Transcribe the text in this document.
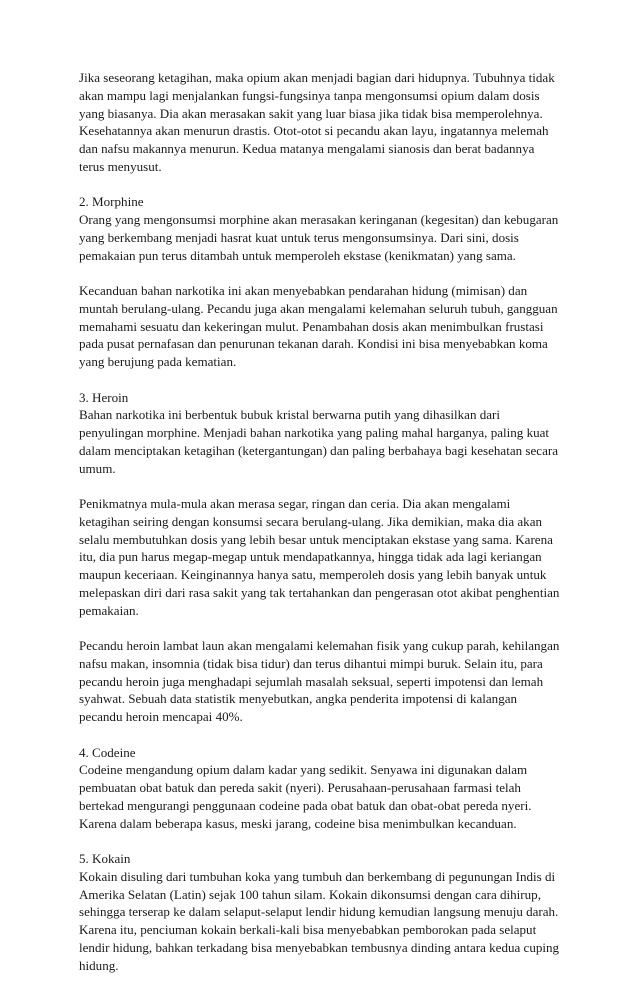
Jika seseorang ketagihan, maka opium akan menjadi bagian dari hidupnya. Tubuhnya tidak akan mampu lagi menjalankan fungsi-fungsinya tanpa mengonsumsi opium dalam dosis yang biasanya. Dia akan merasakan sakit yang luar biasa jika tidak bisa memperolehnya. Kesehatannya akan menurun drastis. Otot-otot si pecandu akan layu, ingatannya melemah dan nafsu makannya menurun. Kedua matanya mengalami sianosis dan berat badannya terus menyusut.

2. Morphine

Orang yang mengonsumsi morphine akan merasakan keringanan (kegesitan) dan kebugaran yang berkembang menjadi hasrat kuat untuk terus mengonsumsinya. Dari sini, dosis pemakaian pun terus ditambah untuk memperoleh ekstase (kenikmatan) yang sama.

Kecanduan bahan narkotika ini akan menyebabkan pendarahan hidung (mimisan) dan muntah berulang-ulang. Pecandu juga akan mengalami kelemahan seluruh tubuh, gangguan memahami sesuatu dan kekeringan mulut. Penambahan dosis akan menimbulkan frustasi pada pusat pernafasan dan penurunan tekanan darah. Kondisi ini bisa menyebabkan koma yang berujung pada kematian.

3. Heroin

Bahan narkotika ini berbentuk bubuk kristal berwarna putih yang dihasilkan dari penyulingan morphine. Menjadi bahan narkotika yang paling mahal harganya, paling kuat dalam menciptakan ketagihan (ketergantungan) dan paling berbahaya bagi kesehatan secara umum.

Penikmatnya mula-mula akan merasa segar, ringan dan ceria. Dia akan mengalami ketagihan seiring dengan konsumsi secara berulang-ulang. Jika demikian, maka dia akan selalu membutuhkan dosis yang lebih besar untuk menciptakan ekstase yang sama. Karena itu, dia pun harus megap-megap untuk mendapatkannya, hingga tidak ada lagi keriangan maupun keceriaan. Keinginannya hanya satu, memperoleh dosis yang lebih banyak untuk melepaskan diri dari rasa sakit yang tak tertahankan dan pengerasan otot akibat penghentian pemakaian.

Pecandu heroin lambat laun akan mengalami kelemahan fisik yang cukup parah, kehilangan nafsu makan, insomnia (tidak bisa tidur) dan terus dihantui mimpi buruk. Selain itu, para pecandu heroin juga menghadapi sejumlah masalah seksual, seperti impotensi dan lemah syahwat. Sebuah data statistik menyebutkan, angka penderita impotensi di kalangan pecandu heroin mencapai 40%.

4. Codeine

Codeine mengandung opium dalam kadar yang sedikit. Senyawa ini digunakan dalam pembuatan obat batuk dan pereda sakit (nyeri). Perusahaan-perusahaan farmasi telah bertekad mengurangi penggunaan codeine pada obat batuk dan obat-obat pereda nyeri. Karena dalam beberapa kasus, meski jarang, codeine bisa menimbulkan kecanduan.

5. Kokain

Kokain disuling dari tumbuhan koka yang tumbuh dan berkembang di pegunungan Indis di Amerika Selatan (Latin) sejak 100 tahun silam. Kokain dikonsumsi dengan cara dihirup, sehingga terserap ke dalam selaput-selaput lendir hidung kemudian langsung menuju darah. Karena itu, penciuman kokain berkali-kali bisa menyebabkan pemborokan pada selaput lendir hidung, bahkan terkadang bisa menyebabkan tembusnya dinding antara kedua cuping hidung.
